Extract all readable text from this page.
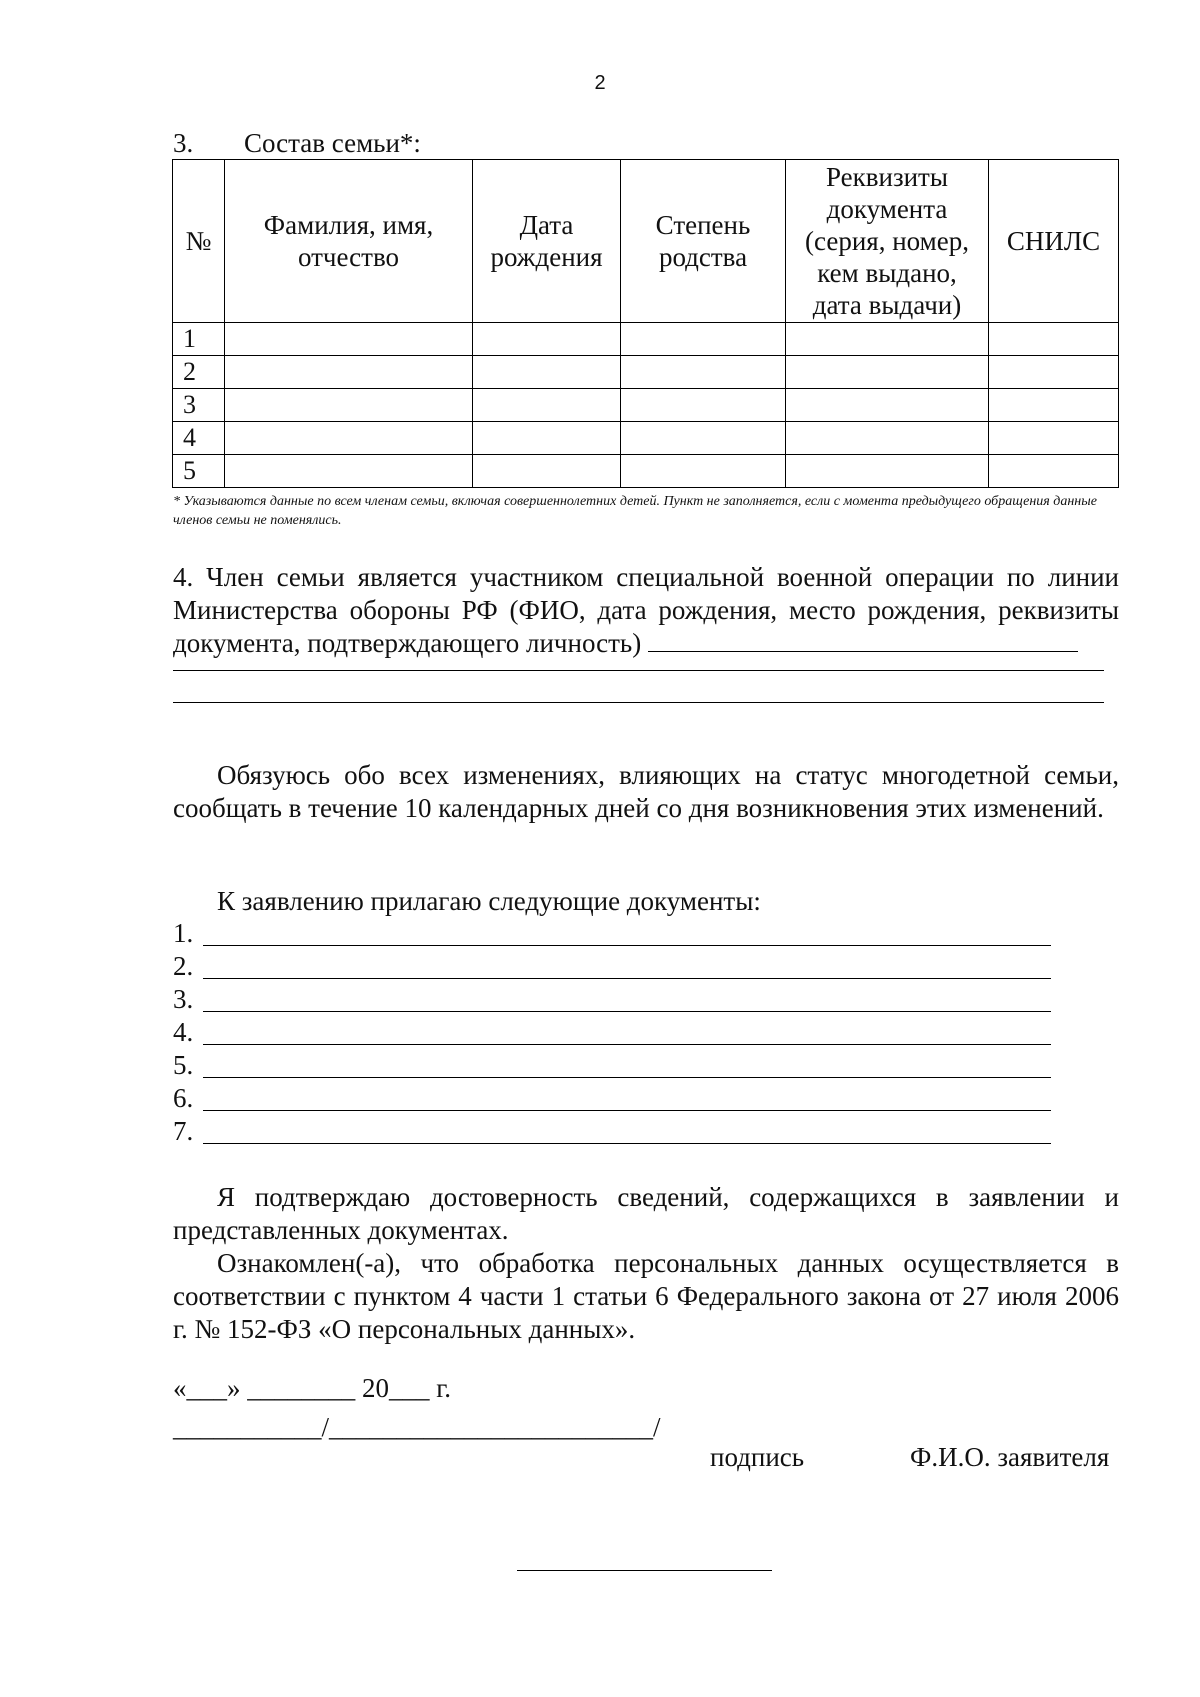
2
3. Состав семьи*:
№	Фамилия, имя, отчество	Дата рождения	Степень родства	Реквизиты документа (серия, номер, кем выдано, дата выдачи)	СНИЛС
1					
2					
3					
4					
5					
* Указываются данные по всем членам семьи, включая совершеннолетних детей. Пункт не заполняется, если с момента предыдущего обращения данные членов семьи не поменялись.
4. Член семьи является участником специальной военной операции по линии Министерства обороны РФ (ФИО, дата рождения, место рождения, реквизиты документа, подтверждающего личность)
Обязуюсь обо всех изменениях, влияющих на статус многодетной семьи, сообщать в течение 10 календарных дней со дня возникновения этих изменений.
К заявлению прилагаю следующие документы:
1.
2.
3.
4.
5.
6.
7.
Я подтверждаю достоверность сведений, содержащихся в заявлении и представленных документах.
Ознакомлен(-а), что обработка персональных данных осуществляется в соответствии с пунктом 4 части 1 статьи 6 Федерального закона от 27 июля 2006 г. № 152-ФЗ «О персональных данных».
«___» ________ 20___ г.
___________/________________________/
подпись	Ф.И.О. заявителя
